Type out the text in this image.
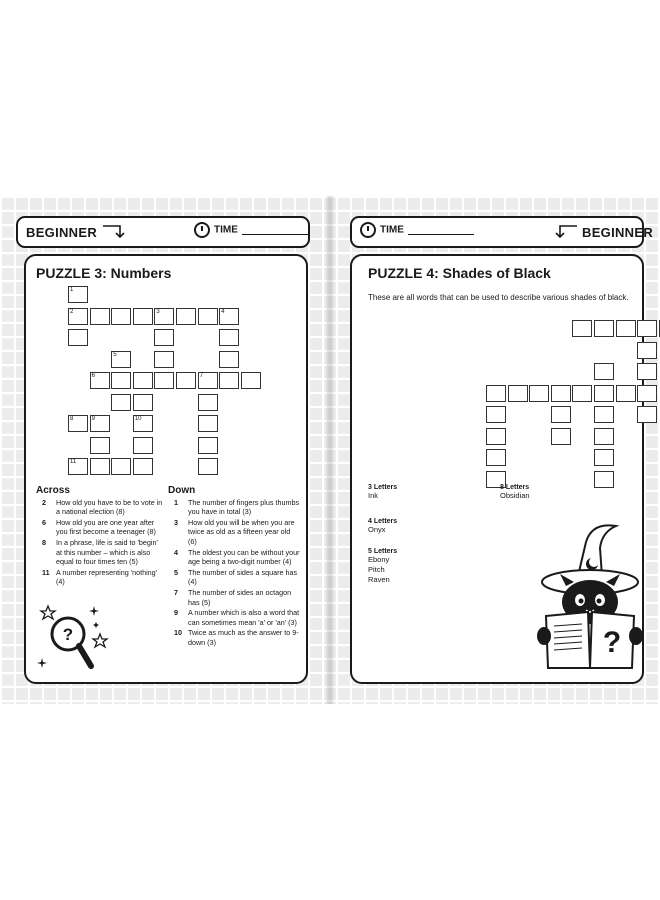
BEGINNER	TIME	TIME	BEGINNER
PUZZLE 3: Numbers
1
2	3	4
5
6	7
8	9	10
11
Across
2 How old you have to be to vote in a national election (8)
6 How old you are one year after you first become a teenager (8)
8 In a phrase, life is said to 'begin' at this number – which is also equal to four times ten (5)
11 A number representing 'nothing' (4)
Down
1 The number of fingers plus thumbs you have in total (3)
3 How old you will be when you are twice as old as a fifteen year old (6)
4 The oldest you can be without your age being a two-digit number (4)
5 The number of sides a square has (4)
7 The number of sides an octagon has (5)
9 A number which is also a word that can sometimes mean 'a' or 'an' (3)
10 Twice as much as the answer to 9-down (3)
?
PUZZLE 4: Shades of Black
These are all words that can be used to describe various shades of black.
3 Letters
Ink
4 Letters
Onyx
5 Letters
Ebony
Pitch
Raven
8 Letters
Obsidian
?
